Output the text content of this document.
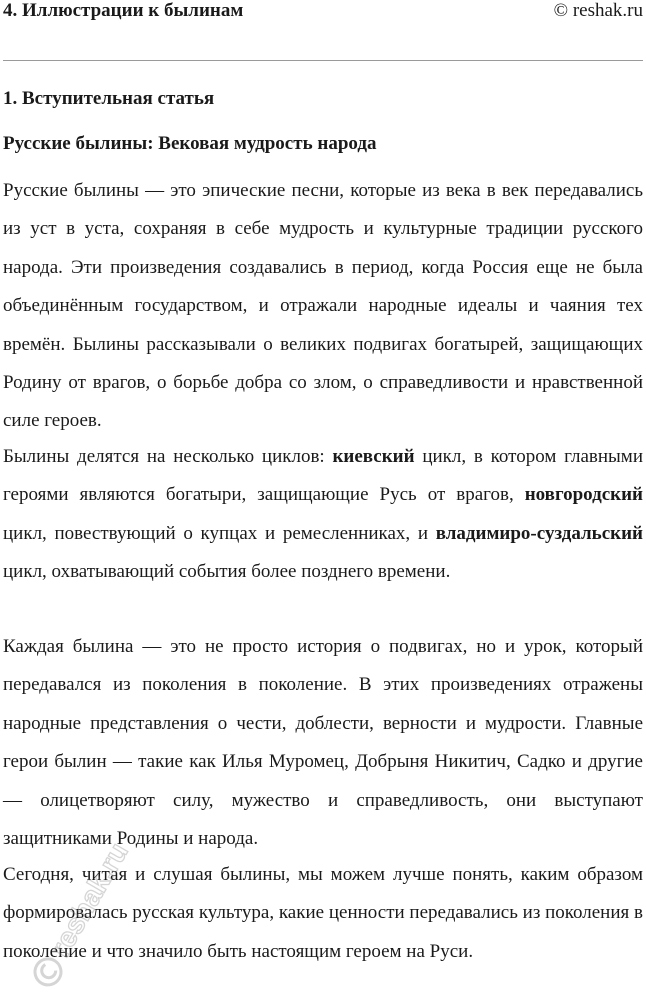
4. Иллюстрации к былинам	© reshak.ru
1. Вступительная статья
Русские былины: Вековая мудрость народа

Русские былины — это эпические песни, которые из века в век передавались из уст в уста, сохраняя в себе мудрость и культурные традиции русского народа. Эти произведения создавались в период, когда Россия еще не была объединённым государством, и отражали народные идеалы и чаяния тех времён. Былины рассказывали о великих подвигах богатырей, защищающих Родину от врагов, о борьбе добра со злом, о справедливости и нравственной силе героев.

Былины делятся на несколько циклов: киевский цикл, в котором главными героями являются богатыри, защищающие Русь от врагов, новгородский цикл, повествующий о купцах и ремесленниках, и владимиро-суздальский цикл, охватывающий события более позднего времени.

Каждая былина — это не просто история о подвигах, но и урок, который передавался из поколения в поколение. В этих произведениях отражены народные представления о чести, доблести, верности и мудрости. Главные герои былин — такие как Илья Муромец, Добрыня Никитич, Садко и другие — олицетворяют силу, мужество и справедливость, они выступают защитниками Родины и народа.

Сегодня, читая и слушая былины, мы можем лучше понять, каким образом формировалась русская культура, какие ценности передавались из поколения в поколение и что значило быть настоящим героем на Руси.

reshak.ru
